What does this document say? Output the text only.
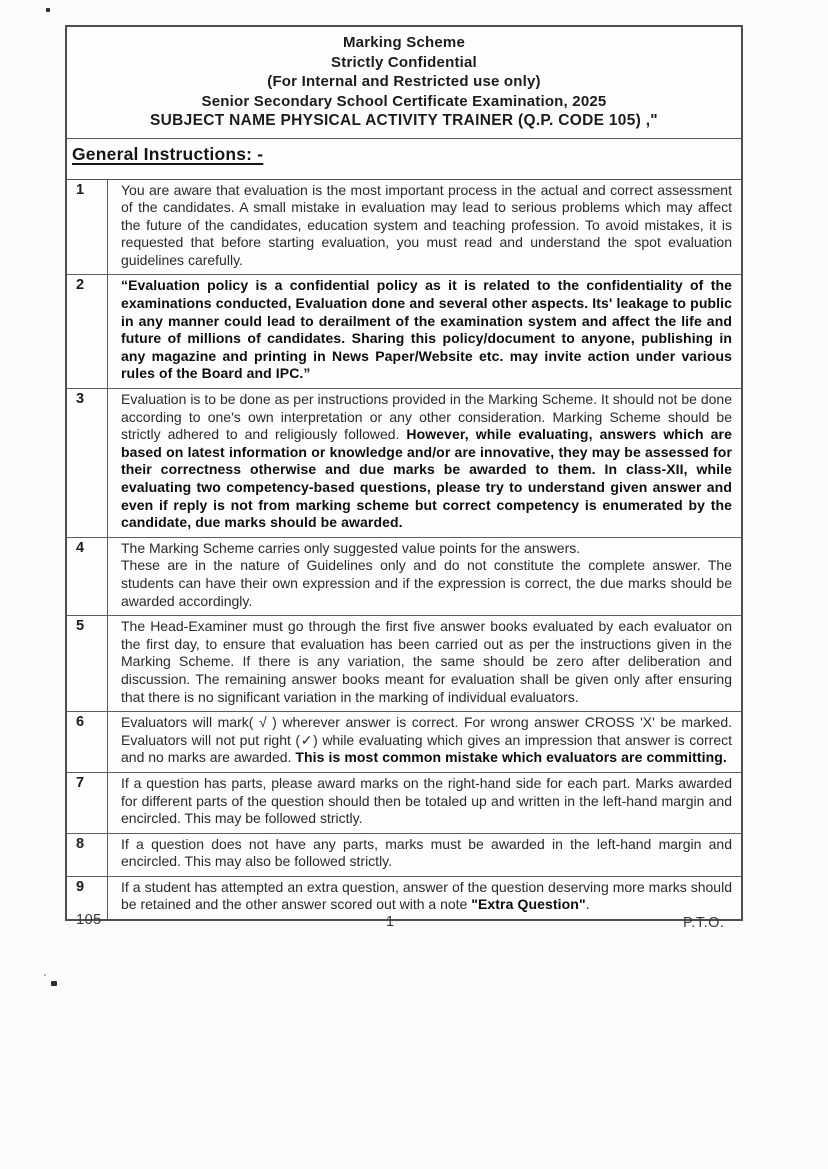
Marking Scheme
Strictly Confidential
(For Internal and Restricted use only)
Senior Secondary School Certificate Examination, 2025
SUBJECT NAME PHYSICAL ACTIVITY TRAINER (Q.P. CODE 105) ,"
General Instructions: -
1	You are aware that evaluation is the most important process in the actual and correct assessment of the candidates. A small mistake in evaluation may lead to serious problems which may affect the future of the candidates, education system and teaching profession. To avoid mistakes, it is requested that before starting evaluation, you must read and understand the spot evaluation guidelines carefully.
2	“Evaluation policy is a confidential policy as it is related to the confidentiality of the examinations conducted, Evaluation done and several other aspects. Its' leakage to public in any manner could lead to derailment of the examination system and affect the life and future of millions of candidates. Sharing this policy/document to anyone, publishing in any magazine and printing in News Paper/Website etc. may invite action under various rules of the Board and IPC.”
3	Evaluation is to be done as per instructions provided in the Marking Scheme. It should not be done according to one's own interpretation or any other consideration. Marking Scheme should be strictly adhered to and religiously followed. However, while evaluating, answers which are based on latest information or knowledge and/or are innovative, they may be assessed for their correctness otherwise and due marks be awarded to them. In class-XII, while evaluating two competency-based questions, please try to understand given answer and even if reply is not from marking scheme but correct competency is enumerated by the candidate, due marks should be awarded.
4	The Marking Scheme carries only suggested value points for the answers.
These are in the nature of Guidelines only and do not constitute the complete answer. The students can have their own expression and if the expression is correct, the due marks should be awarded accordingly.
5	The Head-Examiner must go through the first five answer books evaluated by each evaluator on the first day, to ensure that evaluation has been carried out as per the instructions given in the Marking Scheme. If there is any variation, the same should be zero after deliberation and discussion. The remaining answer books meant for evaluation shall be given only after ensuring that there is no significant variation in the marking of individual evaluators.
6	Evaluators will mark( √ ) wherever answer is correct. For wrong answer CROSS 'X' be marked. Evaluators will not put right (✓) while evaluating which gives an impression that answer is correct and no marks are awarded. This is most common mistake which evaluators are committing.
7	If a question has parts, please award marks on the right-hand side for each part. Marks awarded for different parts of the question should then be totaled up and written in the left-hand margin and encircled. This may be followed strictly.
8	If a question does not have any parts, marks must be awarded in the left-hand margin and encircled. This may also be followed strictly.
9	If a student has attempted an extra question, answer of the question deserving more marks should be retained and the other answer scored out with a note "Extra Question".
105	1	P.T.O.
